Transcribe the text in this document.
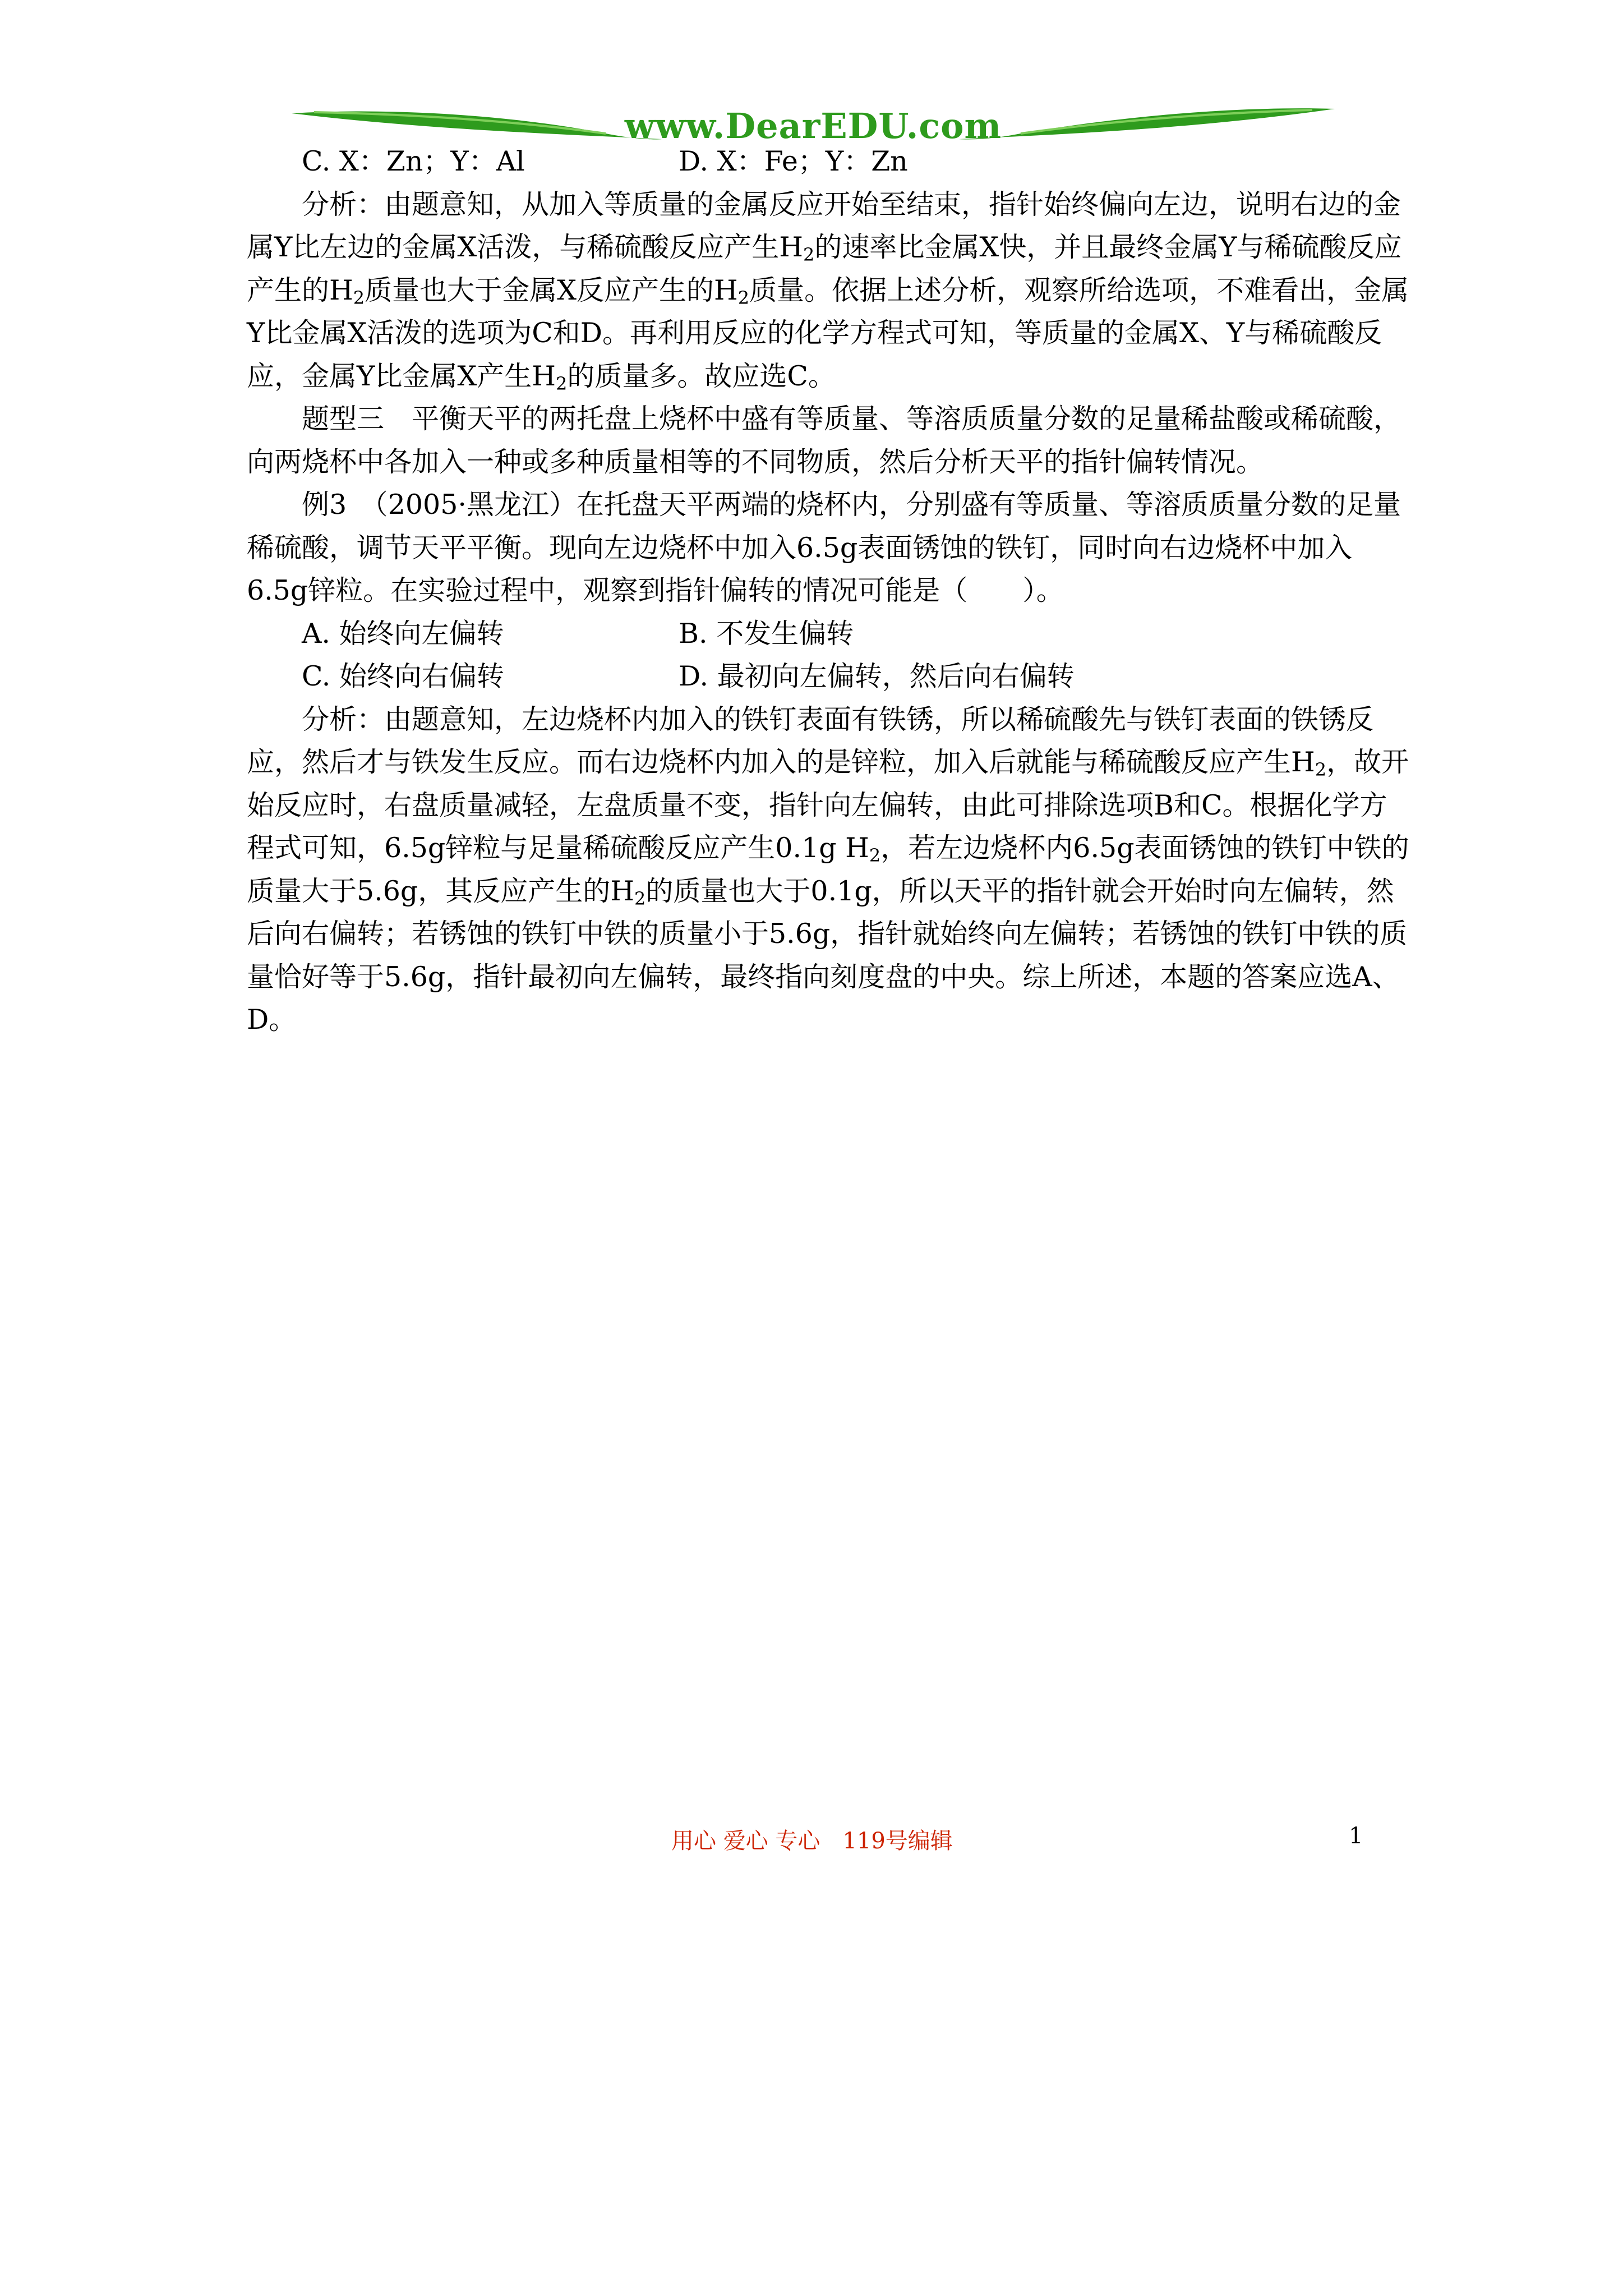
www.DearEDU.com
C. X：Zn；Y：Al	D. X：Fe；Y：Zn

分析：由题意知，从加入等质量的金属反应开始至结束，指针始终偏向左边，说明右边的金属Y比左边的金属X活泼，与稀硫酸反应产生$H_2$的速率比金属X快，并且最终金属Y与稀硫酸反应产生的$H_2$质量也大于金属X反应产生的$H_2$质量。依据上述分析，观察所给选项，不难看出，金属Y比金属X活泼的选项为C和D。再利用反应的化学方程式可知，等质量的金属X、Y与稀硫酸反应，金属Y比金属X产生$H_2$的质量多。故应选C。

题型三　平衡天平的两托盘上烧杯中盛有等质量、等溶质质量分数的足量稀盐酸或稀硫酸，向两烧杯中各加入一种或多种质量相等的不同物质，然后分析天平的指针偏转情况。

例3　（2005·黑龙江）在托盘天平两端的烧杯内，分别盛有等质量、等溶质质量分数的足量稀硫酸，调节天平平衡。现向左边烧杯中加入6.5g表面锈蚀的铁钉，同时向右边烧杯中加入6.5g锌粒。在实验过程中，观察到指针偏转的情况可能是（　　）。

A. 始终向左偏转	B. 不发生偏转
C. 始终向右偏转	D. 最初向左偏转，然后向右偏转

分析：由题意知，左边烧杯内加入的铁钉表面有铁锈，所以稀硫酸先与铁钉表面的铁锈反应，然后才与铁发生反应。而右边烧杯内加入的是锌粒，加入后就能与稀硫酸反应产生$H_2$，故开始反应时，右盘质量减轻，左盘质量不变，指针向左偏转，由此可排除选项B和C。根据化学方程式可知，6.5g锌粒与足量稀硫酸反应产生0.1g $H_2$，若左边烧杯内6.5g表面锈蚀的铁钉中铁的质量大于5.6g，其反应产生的$H_2$的质量也大于0.1g，所以天平的指针就会开始时向左偏转，然后向右偏转；若锈蚀的铁钉中铁的质量小于5.6g，指针就始终向左偏转；若锈蚀的铁钉中铁的质量恰好等于5.6g，指针最初向左偏转，最终指向刻度盘的中央。综上所述，本题的答案应选A、D。

用心 爱心 专心　119号编辑	1
